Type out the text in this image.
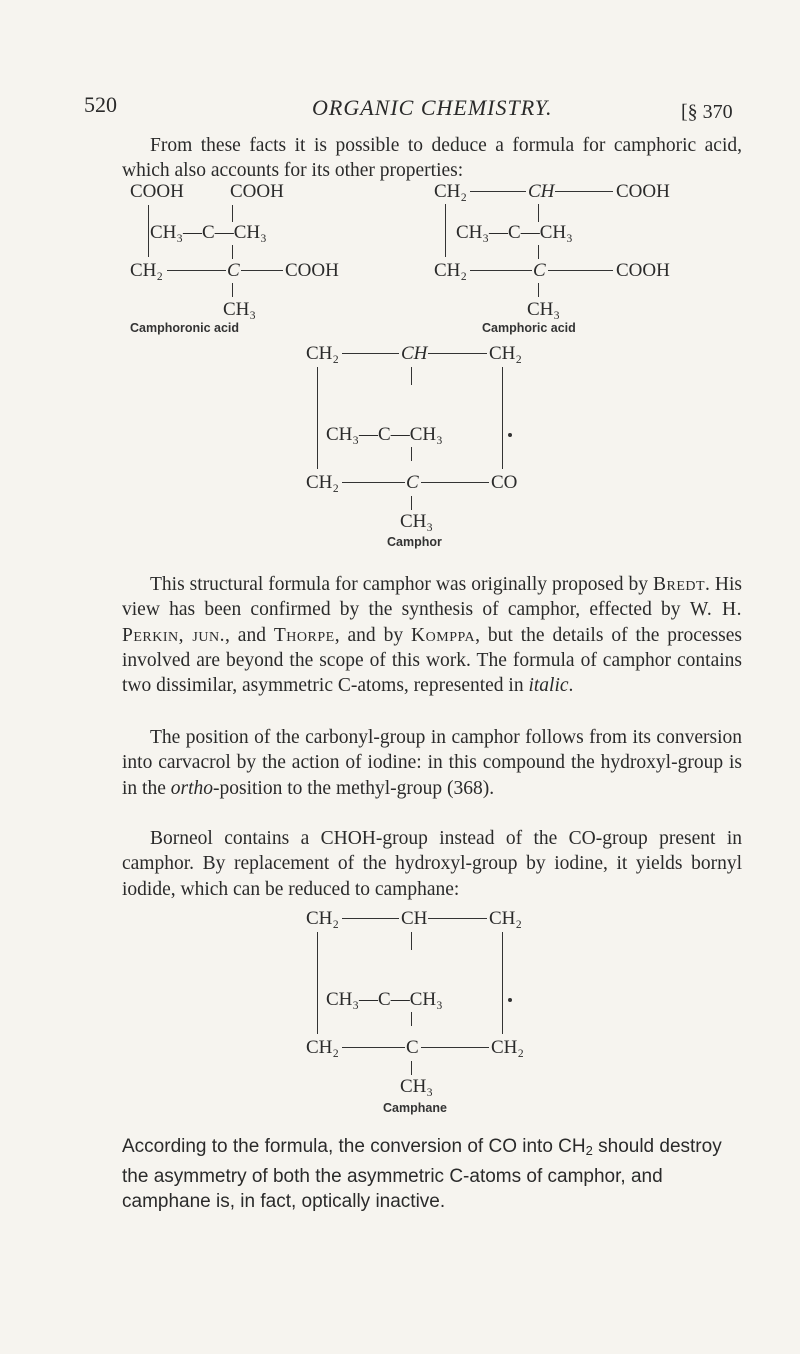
520	ORGANIC CHEMISTRY.	[§ 370
From these facts it is possible to deduce a formula for camphoric acid, which also accounts for its other properties:
COOH COOH
CH₃—C—CH₃
CH₂	C COOH
CH₃
Camphoronic acid
CH₂	CH	COOH
CH₃—C—CH₃
CH₂	C	COOH
CH₃
Camphoric acid
CH₂	CH	CH₂
CH₃—C—CH₃
CH₂	C	CO
CH₃
Camphor
This structural formula for camphor was originally proposed by Bredt. His view has been confirmed by the synthesis of camphor, effected by W. H. Perkin, jun., and Thorpe, and by Komppa, but the details of the processes involved are beyond the scope of this work. The formula of camphor contains two dissimilar, asymmetric C-atoms, represented in italic.
The position of the carbonyl-group in camphor follows from its conversion into carvacrol by the action of iodine: in this compound the hydroxyl-group is in the ortho-position to the methyl-group (368).
Borneol contains a CHOH-group instead of the CO-group present in camphor. By replacement of the hydroxyl-group by iodine, it yields bornyl iodide, which can be reduced to camphane:
CH₂	CH	CH₂
CH₃—C—CH₃
CH₂	C	CH₂
CH₃
Camphane
According to the formula, the conversion of CO into $CH_2$ should destroy the asymmetry of both the asymmetric C-atoms of camphor, and camphane is, in fact, optically inactive.
